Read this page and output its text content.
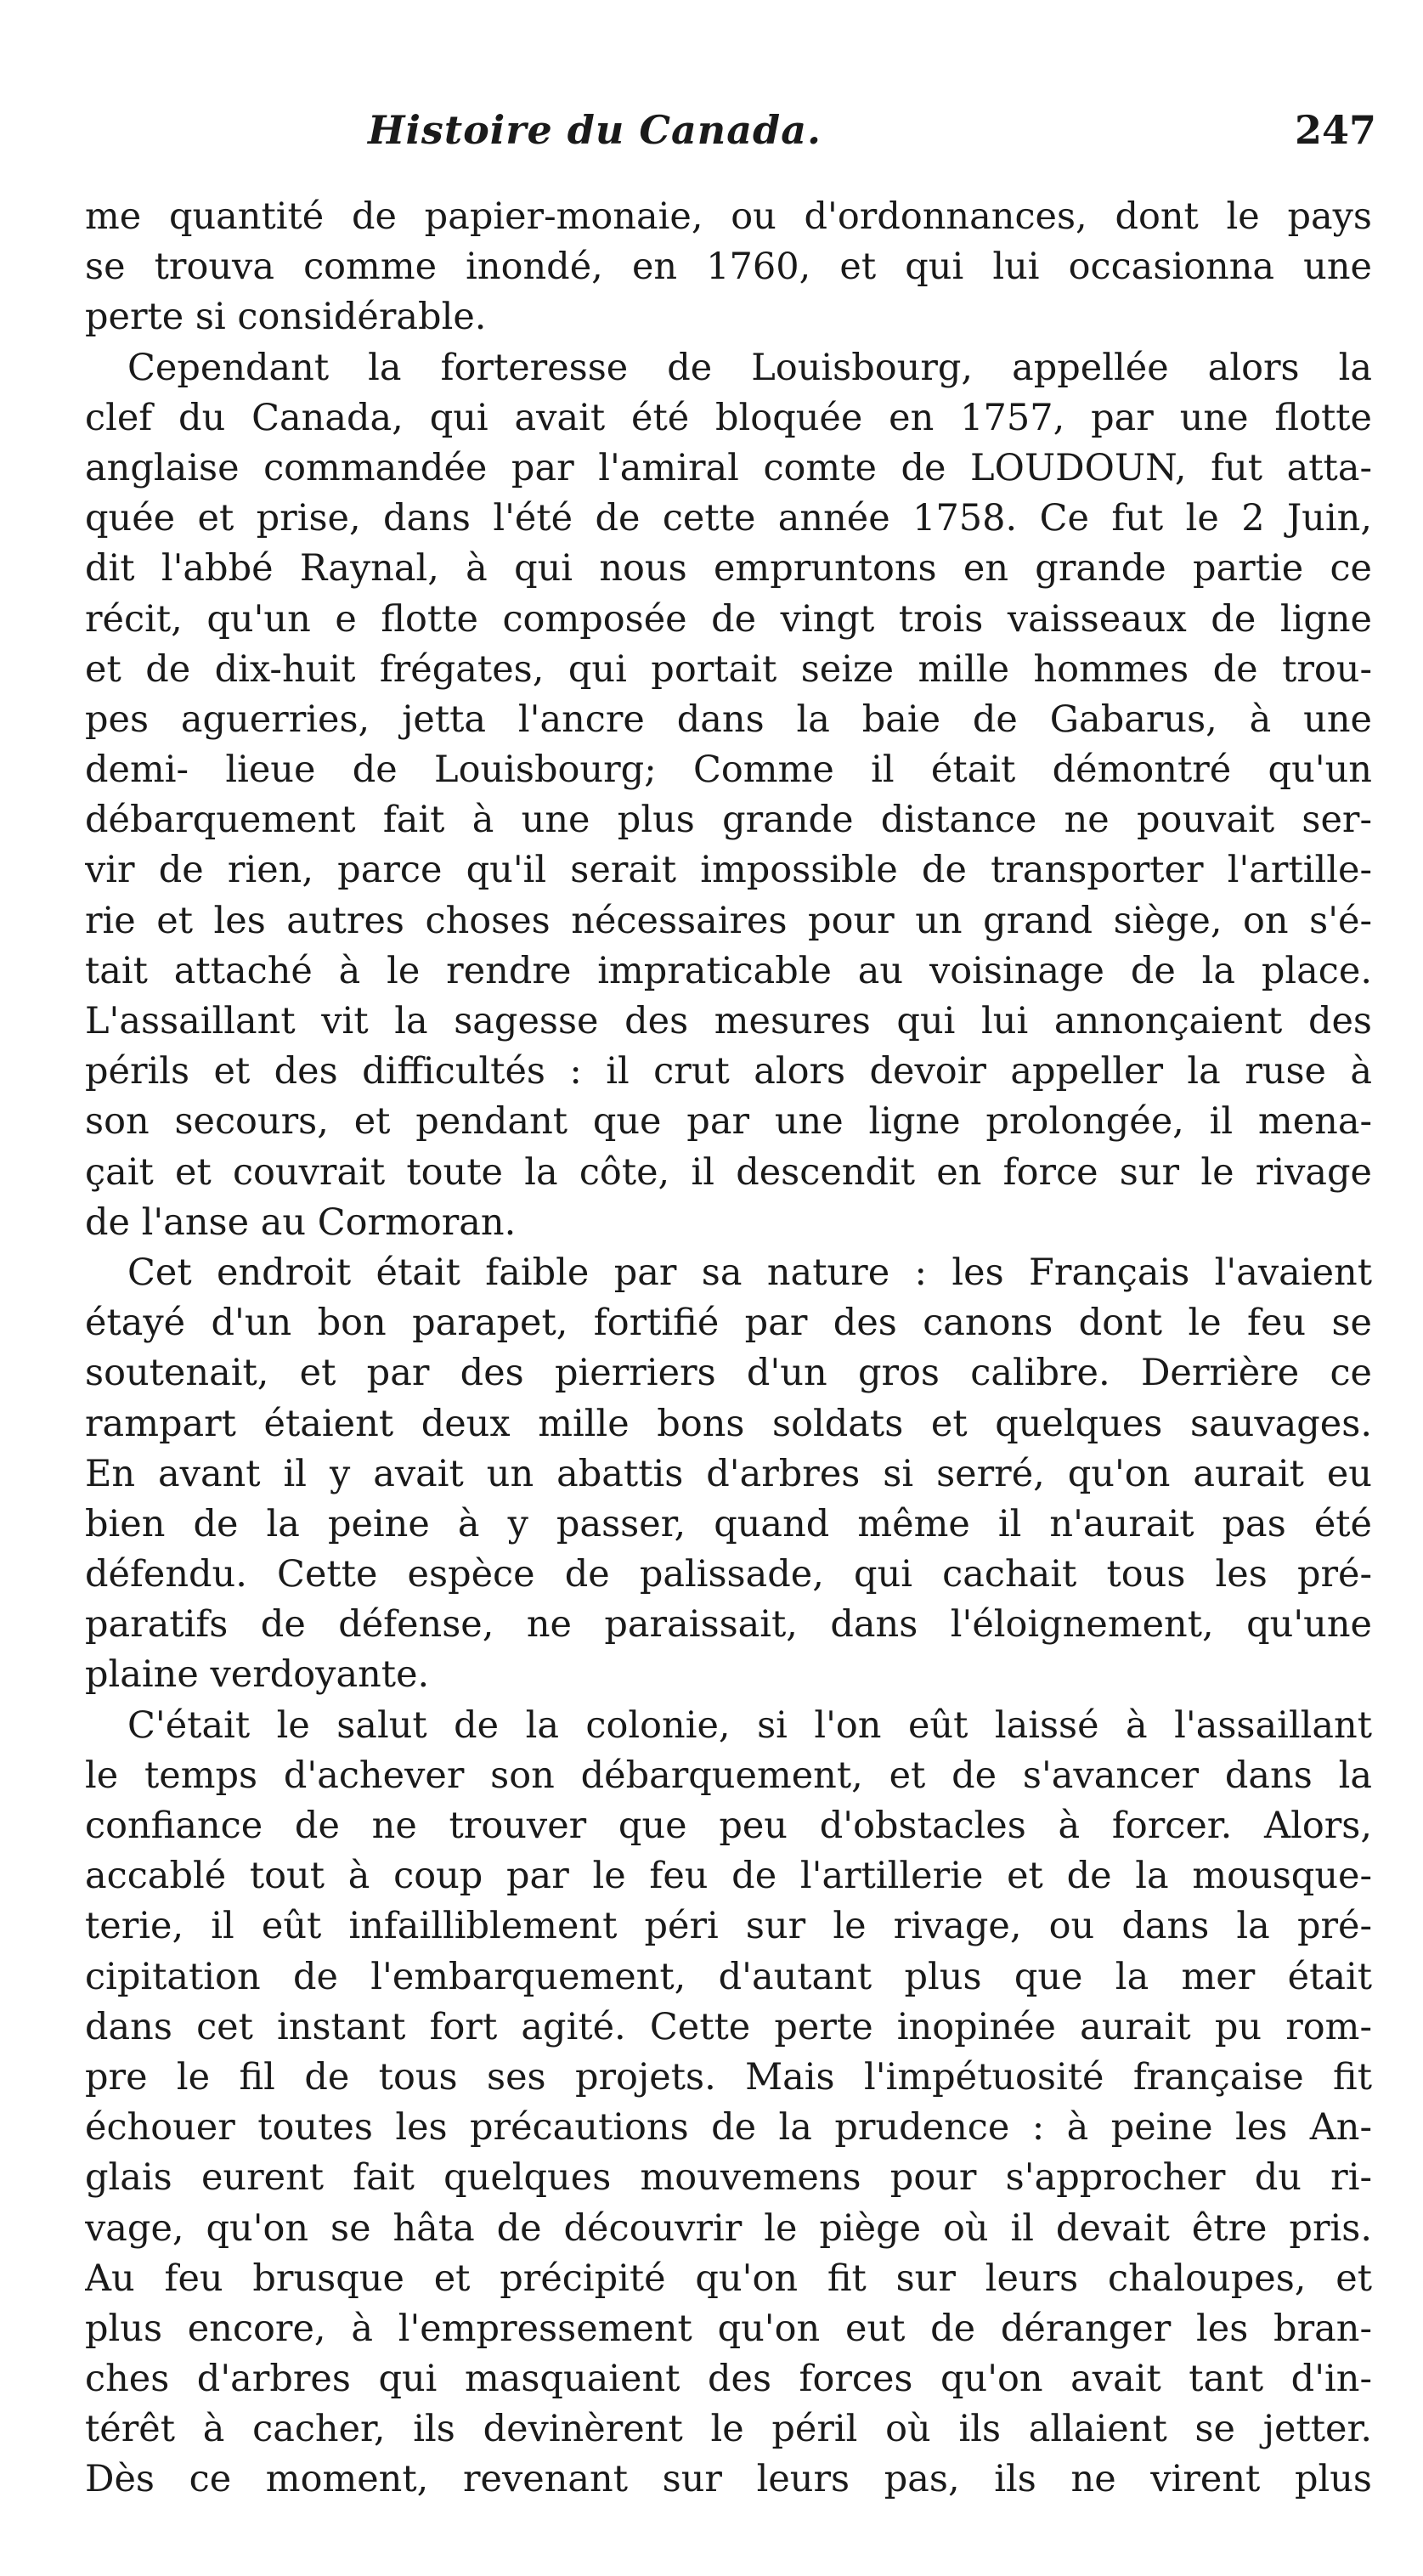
Histoire du Canada.	247
me quantité de papier-monaie, ou d'ordonnances, dont le pays
se trouva comme inondé, en 1760, et qui lui occasionna une
perte si considérable.
Cependant la forteresse de Louisbourg, appellée alors la
clef du Canada, qui avait été bloquée en 1757, par une flotte
anglaise commandée par l'amiral comte de LOUDOUN, fut atta-
quée et prise, dans l'été de cette année 1758. Ce fut le 2 Juin,
dit l'abbé Raynal, à qui nous empruntons en grande partie ce
récit, qu'un e flotte composée de vingt trois vaisseaux de ligne
et de dix-huit frégates, qui portait seize mille hommes de trou-
pes aguerries, jetta l'ancre dans la baie de Gabarus, à une
demi- lieue de Louisbourg; Comme il était démontré qu'un
débarquement fait à une plus grande distance ne pouvait ser-
vir de rien, parce qu'il serait impossible de transporter l'artille-
rie et les autres choses nécessaires pour un grand siège, on s'é-
tait attaché à le rendre impraticable au voisinage de la place.
L'assaillant vit la sagesse des mesures qui lui annonçaient des
périls et des difficultés : il crut alors devoir appeller la ruse à
son secours, et pendant que par une ligne prolongée, il mena-
çait et couvrait toute la côte, il descendit en force sur le rivage
de l'anse au Cormoran.
Cet endroit était faible par sa nature : les Français l'avaient
étayé d'un bon parapet, fortifié par des canons dont le feu se
soutenait, et par des pierriers d'un gros calibre. Derrière ce
rampart étaient deux mille bons soldats et quelques sauvages.
En avant il y avait un abattis d'arbres si serré, qu'on aurait eu
bien de la peine à y passer, quand même il n'aurait pas été
défendu. Cette espèce de palissade, qui cachait tous les pré-
paratifs de défense, ne paraissait, dans l'éloignement, qu'une
plaine verdoyante.
C'était le salut de la colonie, si l'on eût laissé à l'assaillant
le temps d'achever son débarquement, et de s'avancer dans la
confiance de ne trouver que peu d'obstacles à forcer. Alors,
accablé tout à coup par le feu de l'artillerie et de la mousque-
terie, il eût infailliblement péri sur le rivage, ou dans la pré-
cipitation de l'embarquement, d'autant plus que la mer était
dans cet instant fort agité. Cette perte inopinée aurait pu rom-
pre le fil de tous ses projets. Mais l'impétuosité française fit
échouer toutes les précautions de la prudence : à peine les An-
glais eurent fait quelques mouvemens pour s'approcher du ri-
vage, qu'on se hâta de découvrir le piège où il devait être pris.
Au feu brusque et précipité qu'on fit sur leurs chaloupes, et
plus encore, à l'empressement qu'on eut de déranger les bran-
ches d'arbres qui masquaient des forces qu'on avait tant d'in-
térêt à cacher, ils devinèrent le péril où ils allaient se jetter.
Dès ce moment, revenant sur leurs pas, ils ne virent plus
